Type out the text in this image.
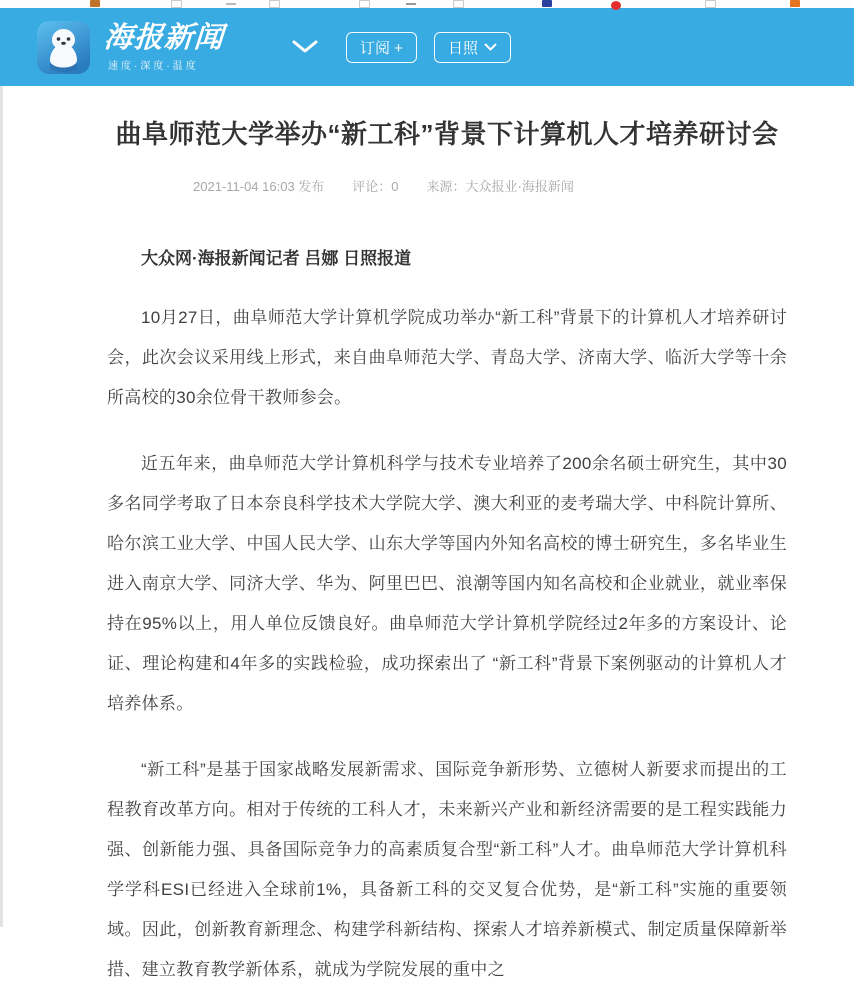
海报新闻
速度·深度·温度
订阅 +	日照
曲阜师范大学举办“新工科”背景下计算机人才培养研讨会
2021-11-04 16:03 发布 评论：0 来源：大众报业·海报新闻

大众网·海报新闻记者 吕娜 日照报道

10月27日，曲阜师范大学计算机学院成功举办“新工科”背景下的计算机人才培养研讨会，此次会议采用线上形式，来自曲阜师范大学、青岛大学、济南大学、临沂大学等十余所高校的30余位骨干教师参会。

近五年来，曲阜师范大学计算机科学与技术专业培养了200余名硕士研究生，其中30多名同学考取了日本奈良科学技术大学院大学、澳大利亚的麦考瑞大学、中科院计算所、哈尔滨工业大学、中国人民大学、山东大学等国内外知名高校的博士研究生，多名毕业生进入南京大学、同济大学、华为、阿里巴巴、浪潮等国内知名高校和企业就业，就业率保持在95%以上，用人单位反馈良好。曲阜师范大学计算机学院经过2年多的方案设计、论证、理论构建和4年多的实践检验，成功探索出了 “新工科”背景下案例驱动的计算机人才培养体系。

“新工科”是基于国家战略发展新需求、国际竞争新形势、立德树人新要求而提出的工程教育改革方向。相对于传统的工科人才，未来新兴产业和新经济需要的是工程实践能力强、创新能力强、具备国际竞争力的高素质复合型“新工科”人才。曲阜师范大学计算机科学学科ESI已经进入全球前1%，具备新工科的交叉复合优势，是“新工科”实施的重要领域。因此，创新教育新理念、构建学科新结构、探索人才培养新模式、制定质量保障新举措、建立教育教学新体系，就成为学院发展的重中之
